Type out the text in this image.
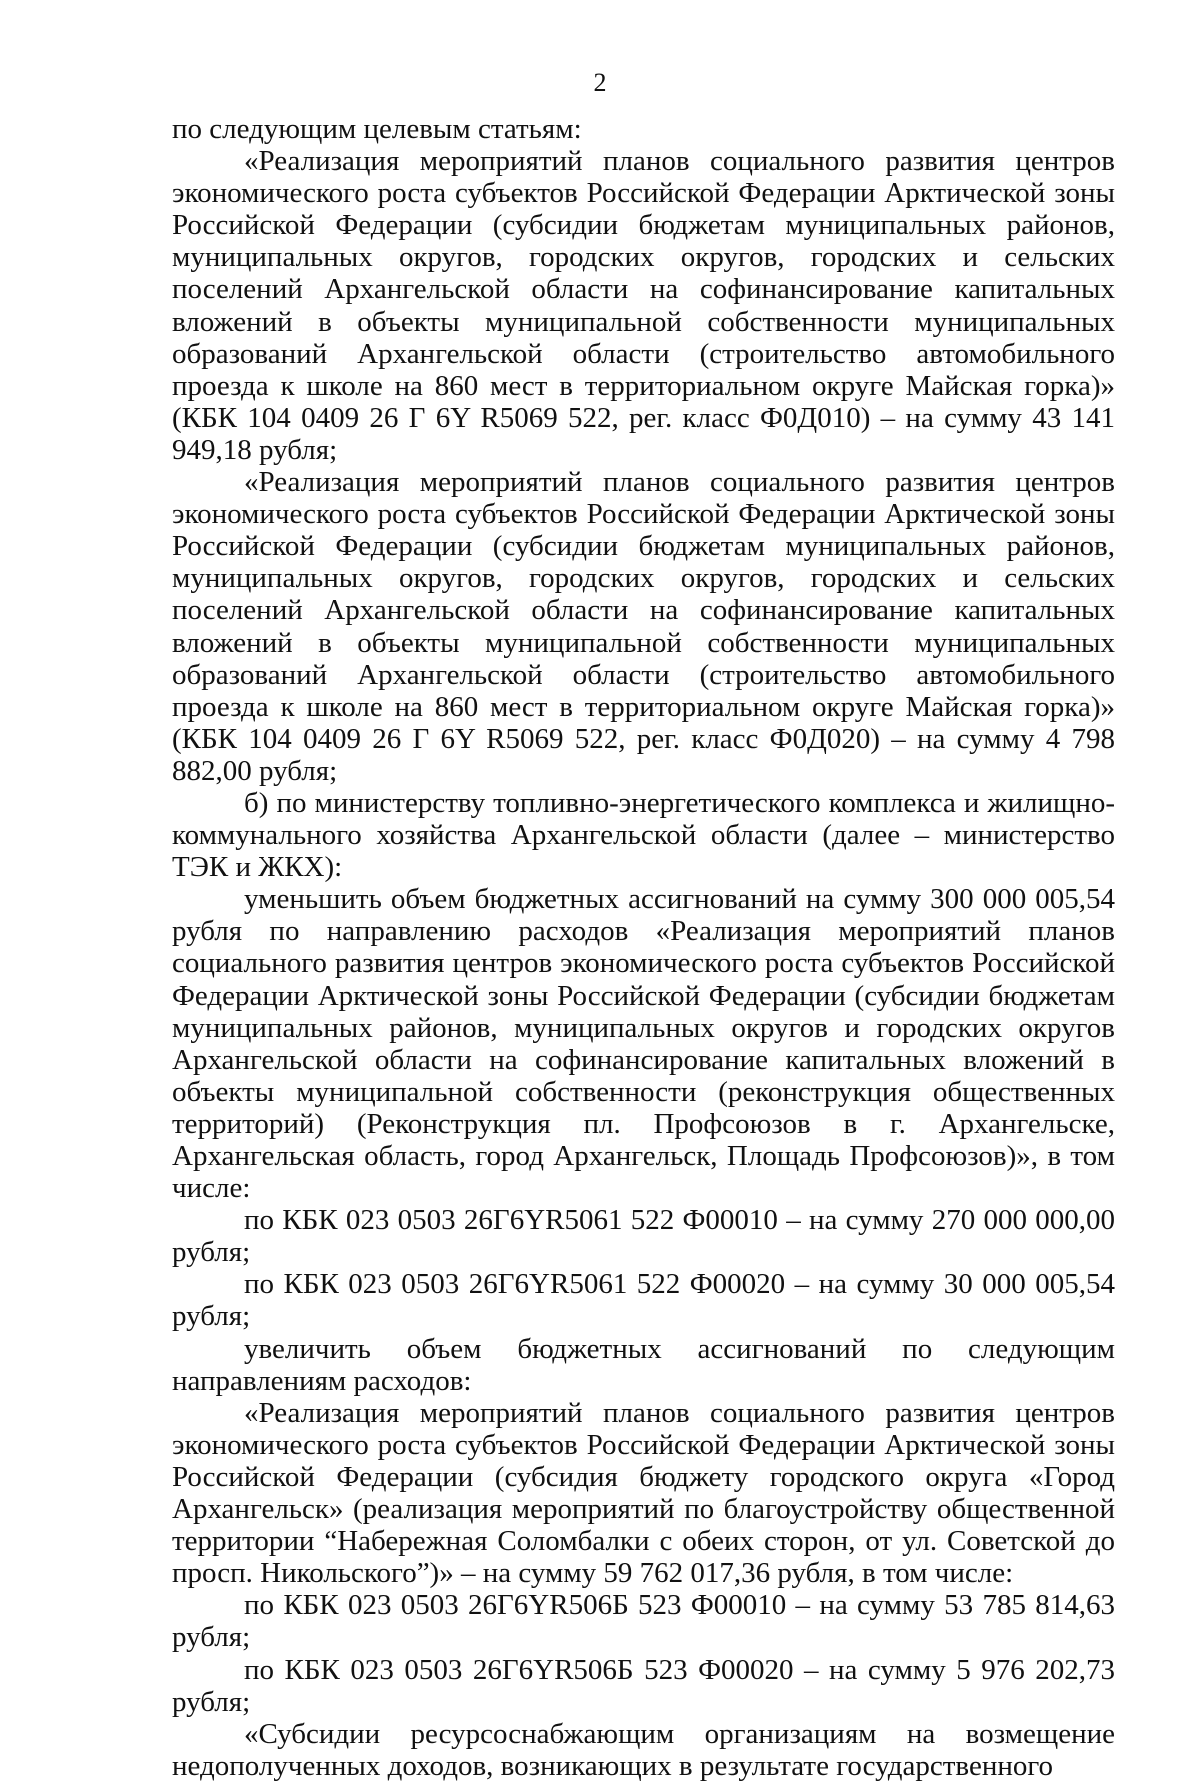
2

по следующим целевым статьям:

«Реализация мероприятий планов социального развития центров экономического роста субъектов Российской Федерации Арктической зоны Российской Федерации (субсидии бюджетам муниципальных районов, муниципальных округов, городских округов, городских и сельских поселений Архангельской области на софинансирование капитальных вложений в объекты муниципальной собственности муниципальных образований Архангельской области (строительство автомобильного проезда к школе на 860 мест в территориальном округе Майская горка)» (КБК 104 0409 26 Г 6Y R5069 522, рег. класс Ф0Д010) – на сумму 43 141 949,18 рубля;

«Реализация мероприятий планов социального развития центров экономического роста субъектов Российской Федерации Арктической зоны Российской Федерации (субсидии бюджетам муниципальных районов, муниципальных округов, городских округов, городских и сельских поселений Архангельской области на софинансирование капитальных вложений в объекты муниципальной собственности муниципальных образований Архангельской области (строительство автомобильного проезда к школе на 860 мест в территориальном округе Майская горка)» (КБК 104 0409 26 Г 6Y R5069 522, рег. класс Ф0Д020) – на сумму 4 798 882,00 рубля;

б) по министерству топливно-энергетического комплекса и жилищно-коммунального хозяйства Архангельской области (далее – министерство ТЭК и ЖКХ):

уменьшить объем бюджетных ассигнований на сумму 300 000 005,54 рубля по направлению расходов «Реализация мероприятий планов социального развития центров экономического роста субъектов Российской Федерации Арктической зоны Российской Федерации (субсидии бюджетам муниципальных районов, муниципальных округов и городских округов Архангельской области на софинансирование капитальных вложений в объекты муниципальной собственности (реконструкция общественных территорий) (Реконструкция пл. Профсоюзов в г. Архангельске, Архангельская область, город Архангельск, Площадь Профсоюзов)», в том числе:

по КБК 023 0503 26Г6YR5061 522 Ф00010 – на сумму 270 000 000,00 рубля;

по КБК 023 0503 26Г6YR5061 522 Ф00020 – на сумму 30 000 005,54 рубля;

увеличить объем бюджетных ассигнований по следующим направлениям расходов:

«Реализация мероприятий планов социального развития центров экономического роста субъектов Российской Федерации Арктической зоны Российской Федерации (субсидия бюджету городского округа «Город Архангельск» (реализация мероприятий по благоустройству общественной территории “Набережная Соломбалки с обеих сторон, от ул. Советской до просп. Никольского”)» – на сумму 59 762 017,36 рубля, в том числе:

по КБК 023 0503 26Г6YR506Б 523 Ф00010 – на сумму 53 785 814,63 рубля;

по КБК 023 0503 26Г6YR506Б 523 Ф00020 – на сумму 5 976 202,73 рубля;

«Субсидии ресурсоснабжающим организациям на возмещение недополученных доходов, возникающих в результате государственного
